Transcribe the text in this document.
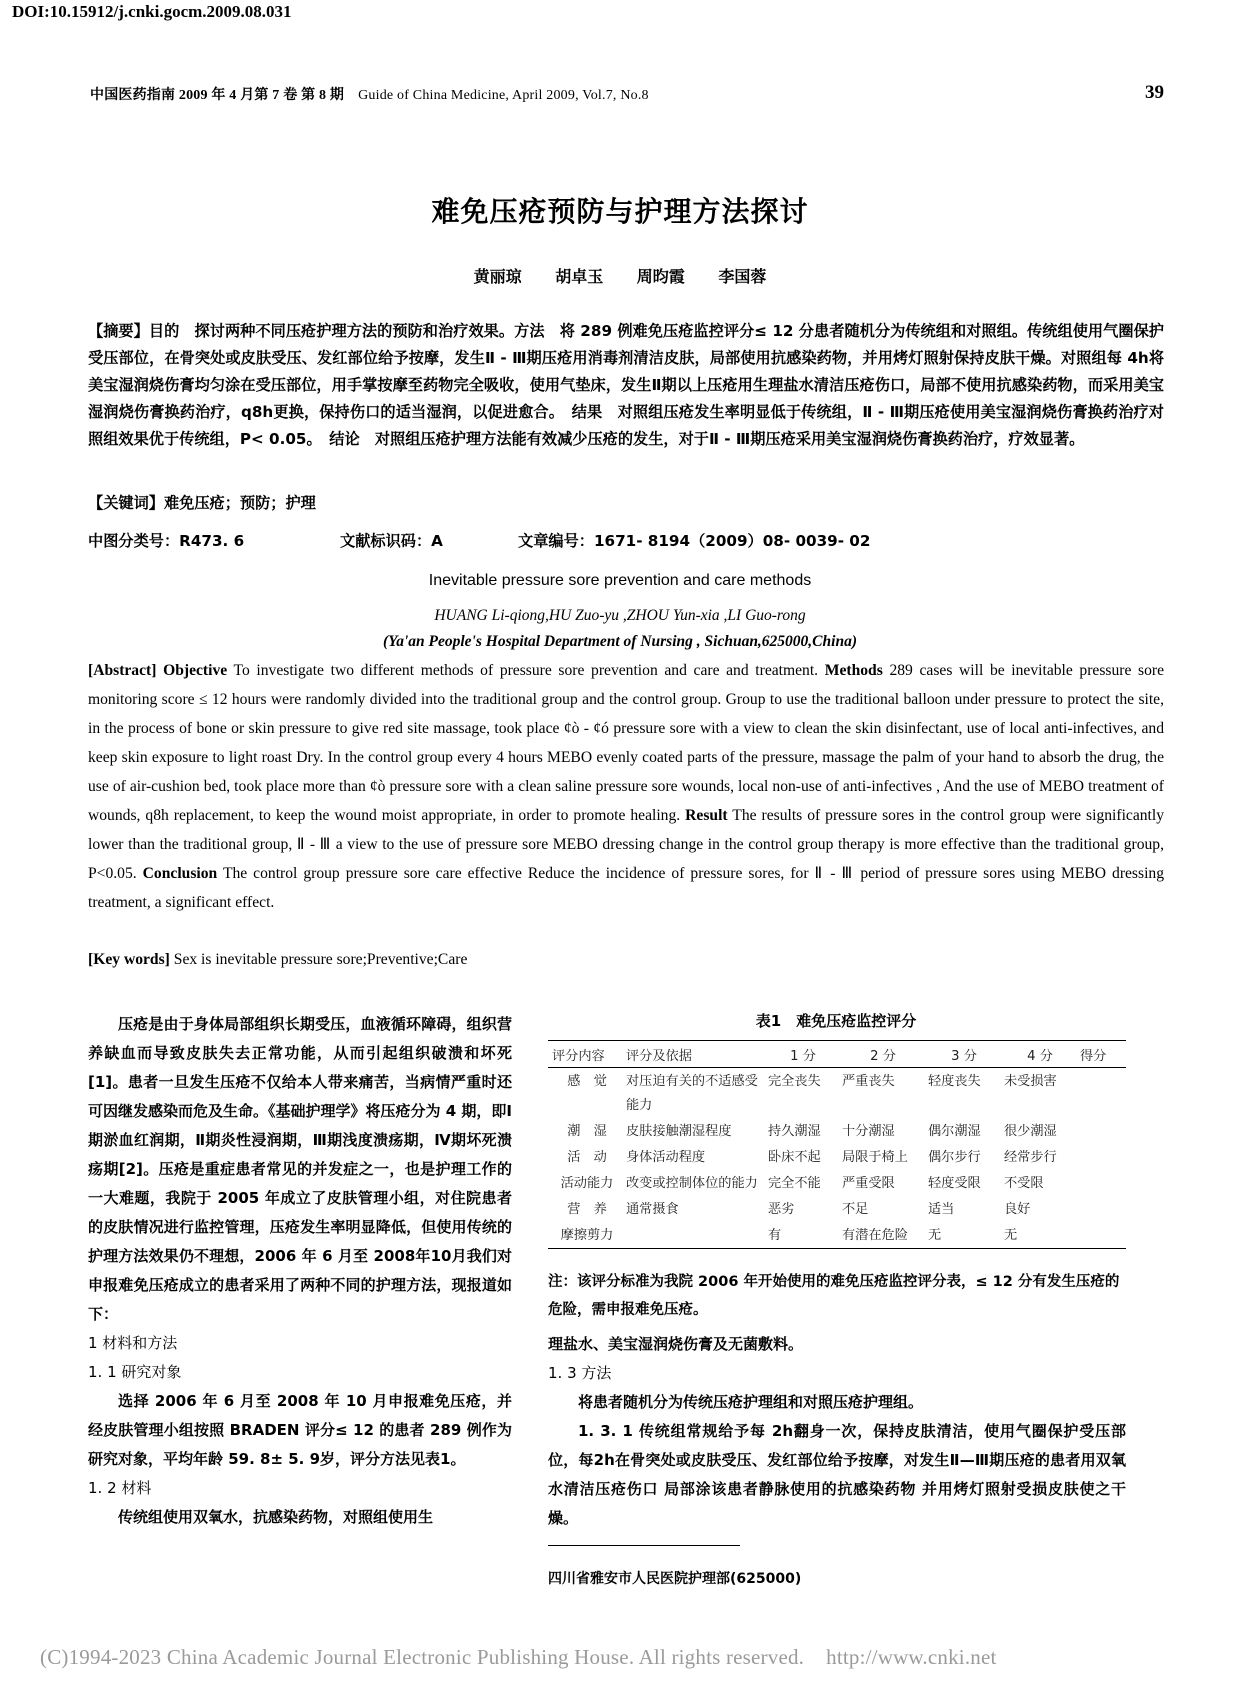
DOI:10.15912/j.cnki.gocm.2009.08.031
中国医药指南 2009 年 4 月第 7 卷 第 8 期 Guide of China Medicine, April 2009, Vol.7, No.8	39
难免压疮预防与护理方法探讨
黄丽琼 胡卓玉 周昀霞 李国蓉
【摘要】目的　探讨两种不同压疮护理方法的预防和治疗效果。方法　将 289 例难免压疮监控评分≤ 12 分患者随机分为传统组和对照组。传统组使用气圈保护受压部位，在骨突处或皮肤受压、发红部位给予按摩，发生Ⅱ - Ⅲ期压疮用消毒剂清洁皮肤，局部使用抗感染药物，并用烤灯照射保持皮肤干燥。对照组每 4h将美宝湿润烧伤膏均匀涂在受压部位，用手掌按摩至药物完全吸收，使用气垫床，发生Ⅱ期以上压疮用生理盐水清洁压疮伤口，局部不使用抗感染药物，而采用美宝湿润烧伤膏换药治疗，q8h更换，保持伤口的适当湿润，以促进愈合。　结果　对照组压疮发生率明显低于传统组，Ⅱ - Ⅲ期压疮使用美宝湿润烧伤膏换药治疗对照组效果优于传统组，P< 0.05。　结论　对照组压疮护理方法能有效减少压疮的发生，对于Ⅱ - Ⅲ期压疮采用美宝湿润烧伤膏换药治疗，疗效显著。
【关键词】难免压疮；预防；护理
中图分类号：R473. 6	文献标识码：A	文章编号：1671- 8194（2009）08- 0039- 02
Inevitable pressure sore prevention and care methods
HUANG Li-qiong,HU Zuo-yu ,ZHOU Yun-xia ,LI Guo-rong
(Ya'an People's Hospital Department of Nursing , Sichuan,625000,China)
[Abstract] Objective To investigate two different methods of pressure sore prevention and care and treatment. Methods 289 cases will be inevitable pressure sore monitoring score ≤ 12 hours were randomly divided into the traditional group and the control group. Group to use the traditional balloon under pressure to protect the site, in the process of bone or skin pressure to give red site massage, took place ¢ò - ¢ó pressure sore with a view to clean the skin disinfectant, use of local anti-infectives, and keep skin exposure to light roast Dry. In the control group every 4 hours MEBO evenly coated parts of the pressure, massage the palm of your hand to absorb the drug, the use of air-cushion bed, took place more than ¢ò pressure sore with a clean saline pressure sore wounds, local non-use of anti-infectives , And the use of MEBO treatment of wounds, q8h replacement, to keep the wound moist appropriate, in order to promote healing. Result The results of pressure sores in the control group were significantly lower than the traditional group, Ⅱ - Ⅲ a view to the use of pressure sore MEBO dressing change in the control group therapy is more effective than the traditional group, P<0.05. Conclusion The control group pressure sore care effective Reduce the incidence of pressure sores, for Ⅱ - Ⅲ period of pressure sores using MEBO dressing treatment, a significant effect.
[Key words] Sex is inevitable pressure sore;Preventive;Care

压疮是由于身体局部组织长期受压，血液循环障碍，组织营养缺血而导致皮肤失去正常功能，从而引起组织破溃和坏死[1]。患者一旦发生压疮不仅给本人带来痛苦，当病情严重时还可因继发感染而危及生命。《基础护理学》将压疮分为 4 期，即Ⅰ期淤血红润期，Ⅱ期炎性浸润期，Ⅲ期浅度溃疡期，Ⅳ期坏死溃疡期[2]。压疮是重症患者常见的并发症之一，也是护理工作的一大难题，我院于 2005 年成立了皮肤管理小组，对住院患者的皮肤情况进行监控管理，压疮发生率明显降低，但使用传统的护理方法效果仍不理想，2006 年 6 月至 2008年10月我们对申报难免压疮成立的患者采用了两种不同的护理方法，现报道如下：

1 材料和方法
1. 1 研究对象

选择 2006 年 6 月至 2008 年 10 月申报难免压疮，并经皮肤管理小组按照 BRADEN 评分≤ 12 的患者 289 例作为研究对象，平均年龄 59. 8± 5. 9岁，评分方法见表1。

1. 2 材料

传统组使用双氧水，抗感染药物，对照组使用生

表1　难免压疮监控评分
评分内容	评分及依据	1 分	2 分	3 分	4 分	得分
感　觉	对压迫有关的不适感受能力	完全丧失	严重丧失	轻度丧失	未受损害	
潮　湿	皮肤接触潮湿程度	持久潮湿	十分潮湿	偶尔潮湿	很少潮湿	
活　动	身体活动程度	卧床不起	局限于椅上	偶尔步行	经常步行	
活动能力	改变或控制体位的能力	完全不能	严重受限	轻度受限	不受限	
营　养	通常摄食	恶劣	不足	适当	良好	
摩擦剪力		有	有潜在危险	无	无	
注：该评分标准为我院 2006 年开始使用的难免压疮监控评分表，≤ 12 分有发生压疮的危险，需申报难免压疮。
理盐水、美宝湿润烧伤膏及无菌敷料。
1. 3 方法
将患者随机分为传统压疮护理组和对照压疮护理组。
1. 3. 1 传统组常规给予每 2h翻身一次，保持皮肤清洁，使用气圈保护受压部位，每2h在骨突处或皮肤受压、发红部位给予按摩，对发生Ⅱ—Ⅲ期压疮的患者用双氧水清洁压疮伤口 局部涂该患者静脉使用的抗感染药物 并用烤灯照射受损皮肤使之干燥。
四川省雅安市人民医院护理部(625000)
(C)1994-2023 China Academic Journal Electronic Publishing House. All rights reserved. http://www.cnki.net
